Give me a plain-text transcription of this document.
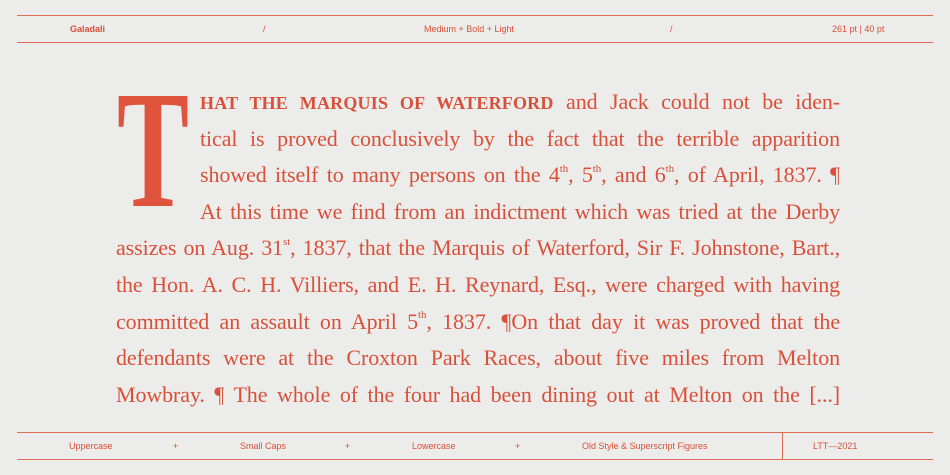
Galadali	/	Medium + Bold + Light	/	261 pt | 40 pt
T HAT THE MARQUIS OF WATERFORD and Jack could not be iden-
tical is proved conclusively by the fact that the terrible apparition
showed itself to many persons on the 4th, 5th, and 6th, of April, 1837. ¶
At this time we find from an indictment which was tried at the Derby
assizes on Aug. 31st, 1837, that the Marquis of Waterford, Sir F. Johnstone, Bart.,
the Hon. A. C. H. Villiers, and E. H. Reynard, Esq., were charged with having
committed an assault on April 5th, 1837. ¶On that day it was proved that the
defendants were at the Croxton Park Races, about five miles from Melton
Mowbray. ¶ The whole of the four had been dining out at Melton on the [...]
Uppercase	+	Small Caps	+	Lowercase	+	Old Style & Superscript Figures	LTT—2021
